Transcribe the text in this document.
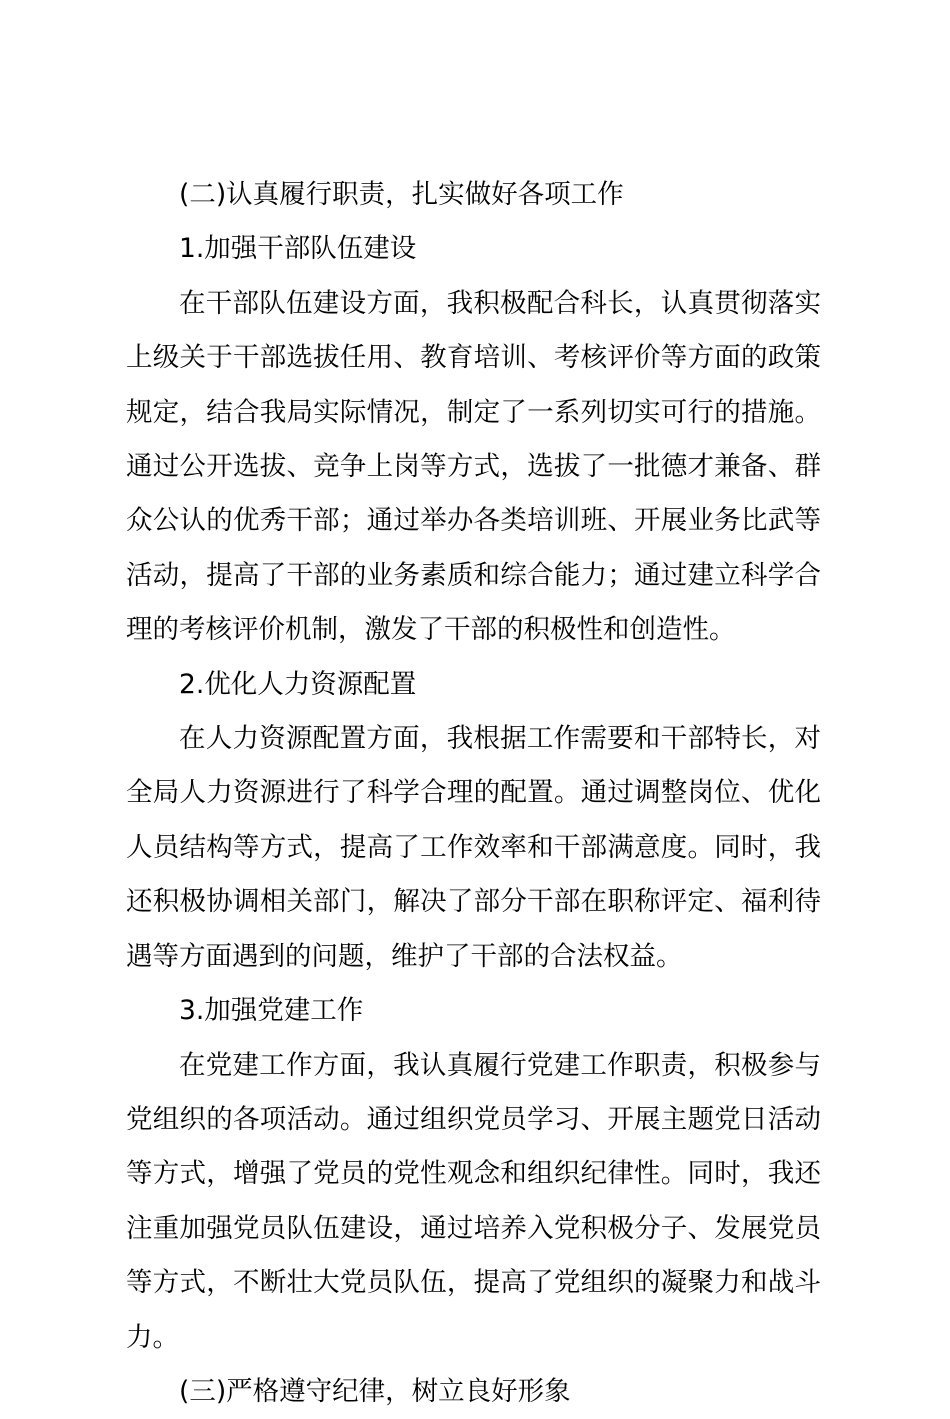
(二)认真履行职责，扎实做好各项工作

1.加强干部队伍建设

在干部队伍建设方面，我积极配合科长，认真贯彻落实上级关于干部选拔任用、教育培训、考核评价等方面的政策规定，结合我局实际情况，制定了一系列切实可行的措施。通过公开选拔、竞争上岗等方式，选拔了一批德才兼备、群众公认的优秀干部；通过举办各类培训班、开展业务比武等活动，提高了干部的业务素质和综合能力；通过建立科学合理的考核评价机制，激发了干部的积极性和创造性。

2.优化人力资源配置

在人力资源配置方面，我根据工作需要和干部特长，对全局人力资源进行了科学合理的配置。通过调整岗位、优化人员结构等方式，提高了工作效率和干部满意度。同时，我还积极协调相关部门，解决了部分干部在职称评定、福利待遇等方面遇到的问题，维护了干部的合法权益。

3.加强党建工作

在党建工作方面，我认真履行党建工作职责，积极参与党组织的各项活动。通过组织党员学习、开展主题党日活动等方式，增强了党员的党性观念和组织纪律性。同时，我还注重加强党员队伍建设，通过培养入党积极分子、发展党员等方式，不断壮大党员队伍，提高了党组织的凝聚力和战斗力。

(三)严格遵守纪律，树立良好形象
